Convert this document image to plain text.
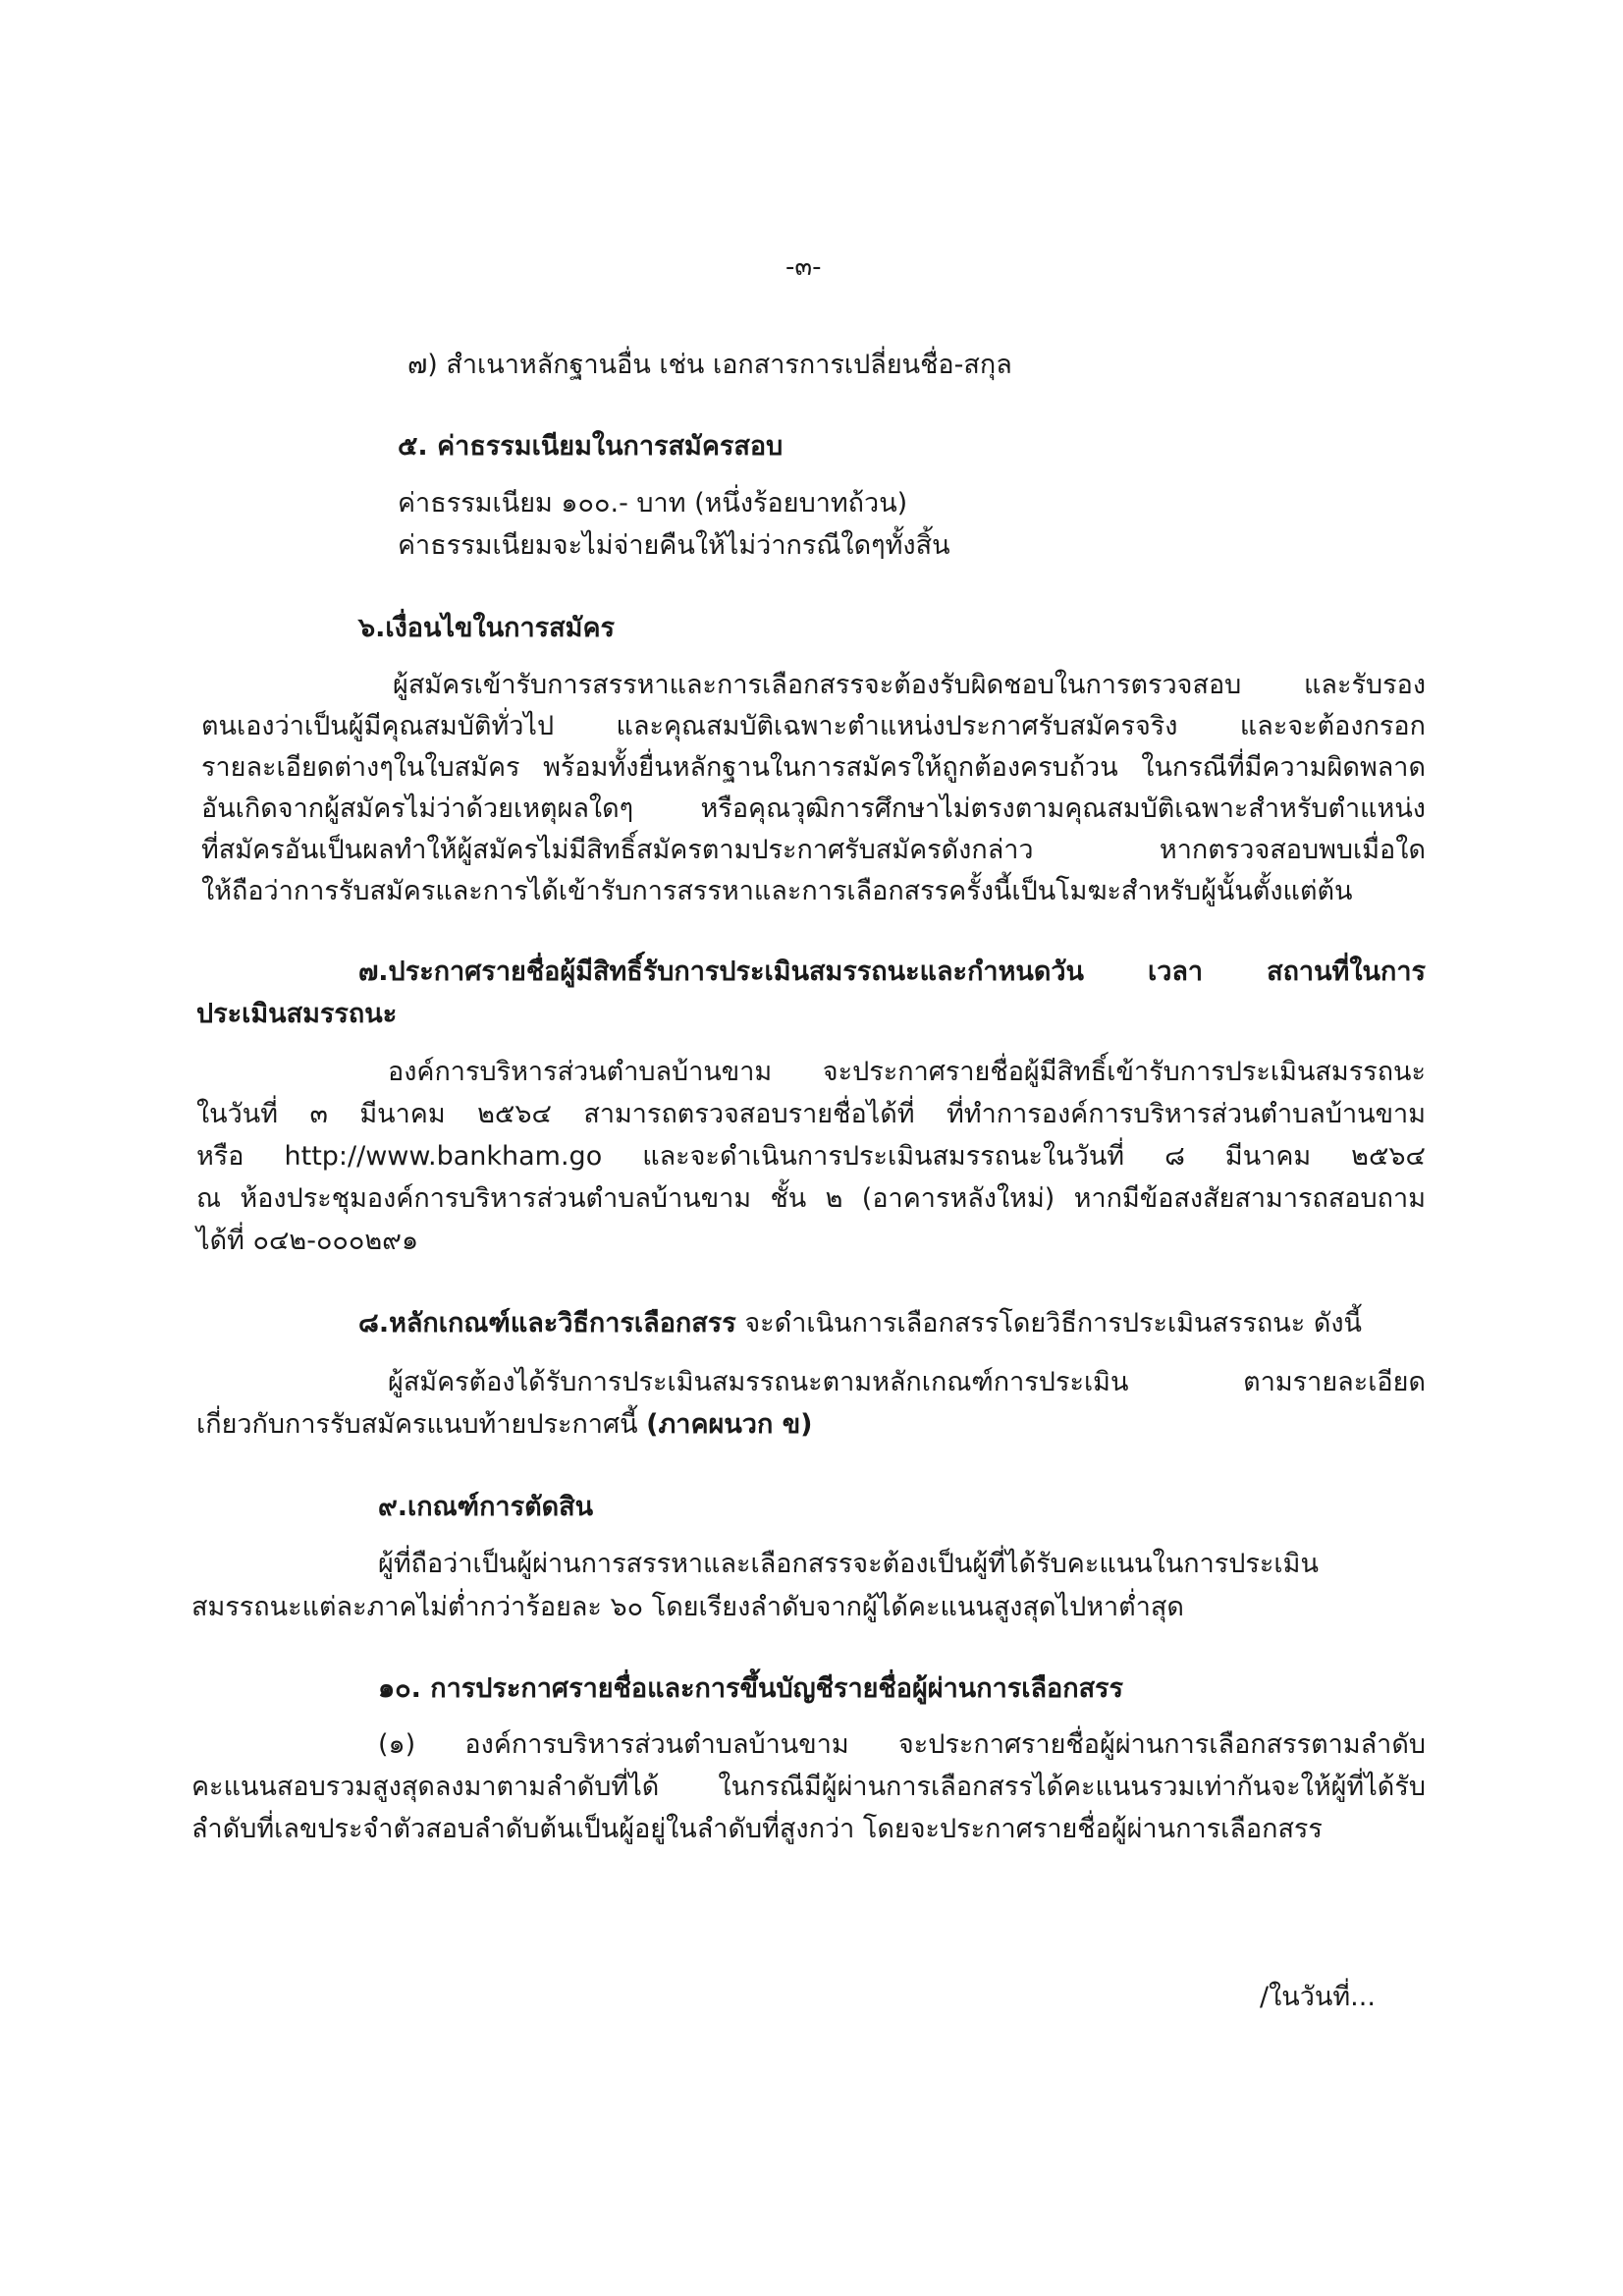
-๓-
๗) สำเนาหลักฐานอื่น เช่น เอกสารการเปลี่ยนชื่อ-สกุล
๕. ค่าธรรมเนียมในการสมัครสอบ
ค่าธรรมเนียม ๑๐๐.- บาท (หนึ่งร้อยบาทถ้วน)
ค่าธรรมเนียมจะไม่จ่ายคืนให้ไม่ว่ากรณีใดๆทั้งสิ้น
๖.เงื่อนไขในการสมัคร
ผู้สมัครเข้ารับการสรรหาและการเลือกสรรจะต้องรับผิดชอบในการตรวจสอบ และรับรอง
ตนเองว่าเป็นผู้มีคุณสมบัติทั่วไป และคุณสมบัติเฉพาะตำแหน่งประกาศรับสมัครจริง และจะต้องกรอก
รายละเอียดต่างๆในใบสมัคร พร้อมทั้งยื่นหลักฐานในการสมัครให้ถูกต้องครบถ้วน ในกรณีที่มีความผิดพลาด
อันเกิดจากผู้สมัครไม่ว่าด้วยเหตุผลใดๆ หรือคุณวุฒิการศึกษาไม่ตรงตามคุณสมบัติเฉพาะสำหรับตำแหน่ง
ที่สมัครอันเป็นผลทำให้ผู้สมัครไม่มีสิทธิ์สมัครตามประกาศรับสมัครดังกล่าว หากตรวจสอบพบเมื่อใด
ให้ถือว่าการรับสมัครและการได้เข้ารับการสรรหาและการเลือกสรรครั้งนี้เป็นโมฆะสำหรับผู้นั้นตั้งแต่ต้น
๗.ประกาศรายชื่อผู้มีสิทธิ์รับการประเมินสมรรถนะและกำหนดวัน เวลา สถานที่ในการ
ประเมินสมรรถนะ
องค์การบริหารส่วนตำบลบ้านขาม จะประกาศรายชื่อผู้มีสิทธิ์เข้ารับการประเมินสมรรถนะ
ในวันที่ ๓ มีนาคม ๒๕๖๔ สามารถตรวจสอบรายชื่อได้ที่ ที่ทำการองค์การบริหารส่วนตำบลบ้านขาม
หรือ http://www.bankham.go และจะดำเนินการประเมินสมรรถนะในวันที่ ๘ มีนาคม ๒๕๖๔
ณ ห้องประชุมองค์การบริหารส่วนตำบลบ้านขาม ชั้น ๒ (อาคารหลังใหม่) หากมีข้อสงสัยสามารถสอบถาม
ได้ที่ ๐๔๒-๐๐๐๒๙๑
๘.หลักเกณฑ์และวิธีการเลือกสรร จะดำเนินการเลือกสรรโดยวิธีการประเมินสรรถนะ ดังนี้
ผู้สมัครต้องได้รับการประเมินสมรรถนะตามหลักเกณฑ์การประเมิน ตามรายละเอียด
เกี่ยวกับการรับสมัครแนบท้ายประกาศนี้ (ภาคผนวก ข)
๙.เกณฑ์การตัดสิน
ผู้ที่ถือว่าเป็นผู้ผ่านการสรรหาและเลือกสรรจะต้องเป็นผู้ที่ได้รับคะแนนในการประเมิน
สมรรถนะแต่ละภาคไม่ต่ำกว่าร้อยละ ๖๐ โดยเรียงลำดับจากผู้ได้คะแนนสูงสุดไปหาต่ำสุด
๑๐. การประกาศรายชื่อและการขึ้นบัญชีรายชื่อผู้ผ่านการเลือกสรร
(๑) องค์การบริหารส่วนตำบลบ้านขาม จะประกาศรายชื่อผู้ผ่านการเลือกสรรตามลำดับ
คะแนนสอบรวมสูงสุดลงมาตามลำดับที่ได้ ในกรณีมีผู้ผ่านการเลือกสรรได้คะแนนรวมเท่ากันจะให้ผู้ที่ได้รับ
ลำดับที่เลขประจำตัวสอบลำดับต้นเป็นผู้อยู่ในลำดับที่สูงกว่า โดยจะประกาศรายชื่อผู้ผ่านการเลือกสรร
/ในวันที่...
